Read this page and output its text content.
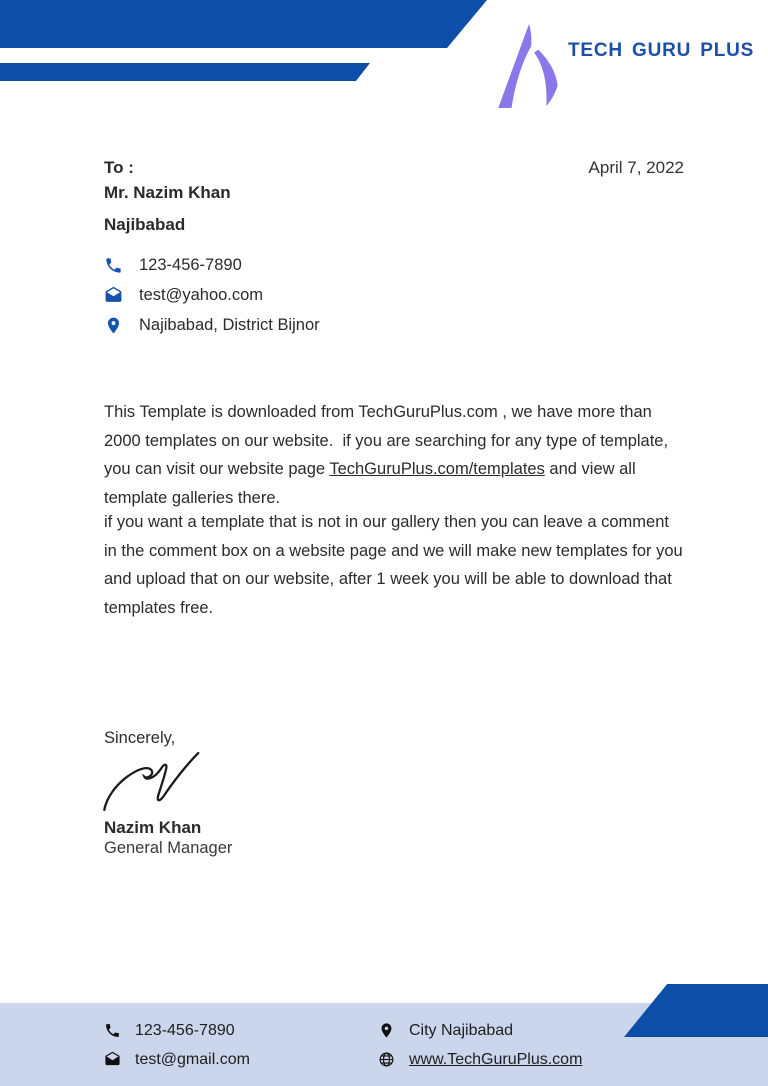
TECH GURU PLUS
To :	April 7, 2022
Mr. Nazim Khan
Najibabad
123-456-7890
test@yahoo.com
Najibabad, District Bijnor

This Template is downloaded from TechGuruPlus.com , we have more than 2000 templates on our website.  if you are searching for any type of template, you can visit our website page TechGuruPlus.com/templates and view all template galleries there.

if you want a template that is not in our gallery then you can leave a comment in the comment box on a website page and we will make new templates for you and upload that on our website, after 1 week you will be able to download that templates free.

Sincerely,
Nazim Khan
General Manager
123-456-7890
test@gmail.com
City Najibabad
www.TechGuruPlus.com
